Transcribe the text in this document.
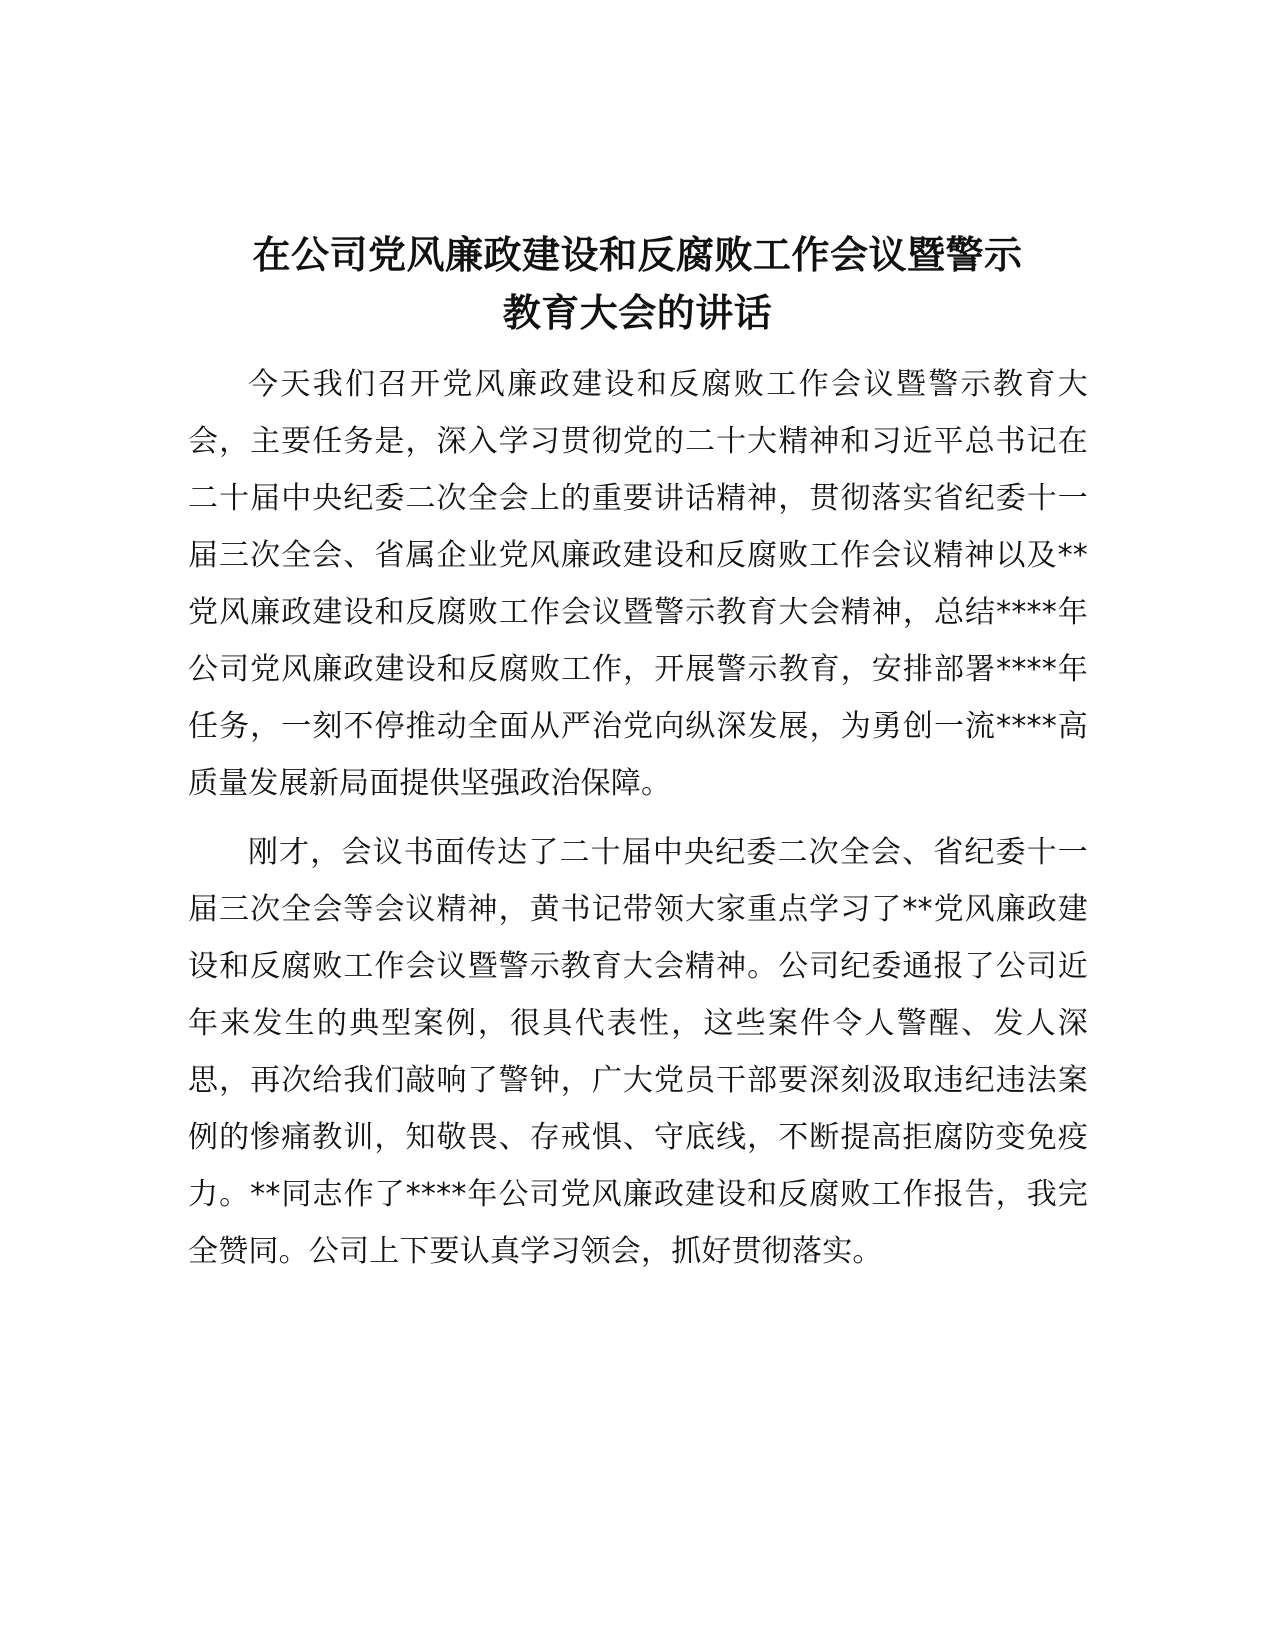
在公司党风廉政建设和反腐败工作会议暨警示
教育大会的讲话

今天我们召开党风廉政建设和反腐败工作会议暨警示教育大会，主要任务是，深入学习贯彻党的二十大精神和习近平总书记在二十届中央纪委二次全会上的重要讲话精神，贯彻落实省纪委十一届三次全会、省属企业党风廉政建设和反腐败工作会议精神以及**党风廉政建设和反腐败工作会议暨警示教育大会精神，总结****年公司党风廉政建设和反腐败工作，开展警示教育，安排部署****年任务，一刻不停推动全面从严治党向纵深发展，为勇创一流****高质量发展新局面提供坚强政治保障。

刚才，会议书面传达了二十届中央纪委二次全会、省纪委十一届三次全会等会议精神，黄书记带领大家重点学习了**党风廉政建设和反腐败工作会议暨警示教育大会精神。公司纪委通报了公司近年来发生的典型案例，很具代表性，这些案件令人警醒、发人深思，再次给我们敲响了警钟，广大党员干部要深刻汲取违纪违法案例的惨痛教训，知敬畏、存戒惧、守底线，不断提高拒腐防变免疫力。**同志作了****年公司党风廉政建设和反腐败工作报告，我完全赞同。公司上下要认真学习领会，抓好贯彻落实。
